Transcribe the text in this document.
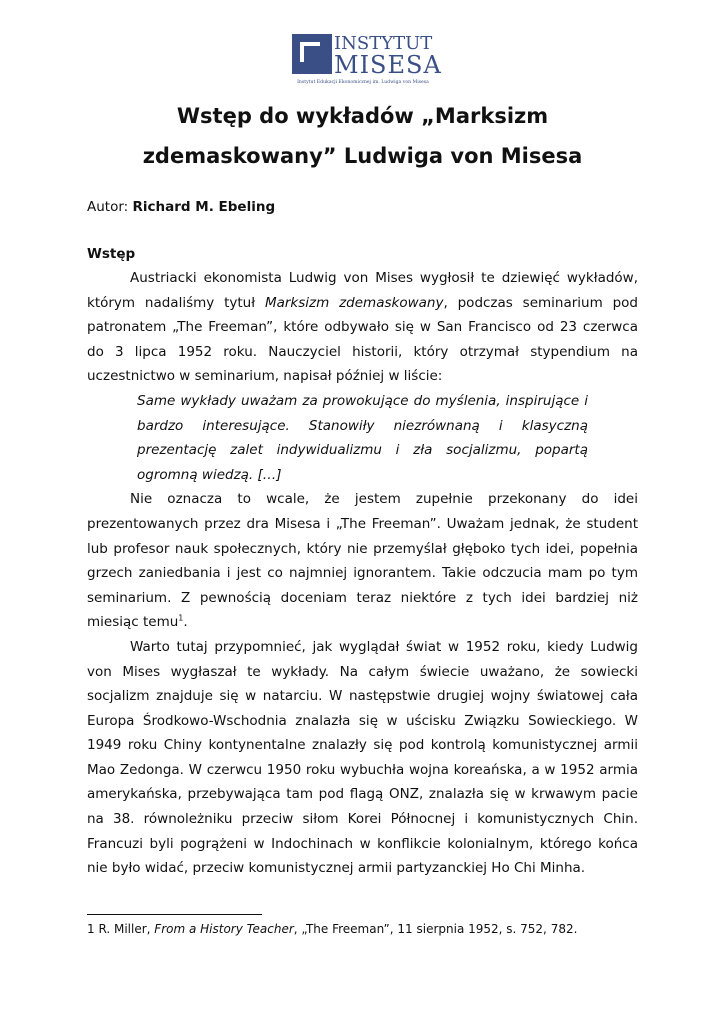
INSTYTUT
MISESA
Instytut Edukacji Ekonomicznej im. Ludwiga von Misesa
Wstęp do wykładów „Marksizm
zdemaskowany” Ludwiga von Misesa
Autor: Richard M. Ebeling
Wstęp

Austriacki ekonomista Ludwig von Mises wygłosił te dziewięć wykładów, którym nadaliśmy tytuł Marksizm zdemaskowany, podczas seminarium pod patronatem „The Freeman”, które odbywało się w San Francisco od 23 czerwca do 3 lipca 1952 roku. Nauczyciel historii, który otrzymał stypendium na uczestnictwo w seminarium, napisał później w liście:

Same wykłady uważam za prowokujące do myślenia, inspirujące i bardzo interesujące. Stanowiły niezrównaną i klasyczną prezentację zalet indywidualizmu i zła socjalizmu, popartą ogromną wiedzą. […]

Nie oznacza to wcale, że jestem zupełnie przekonany do idei prezentowanych przez dra Misesa i „The Freeman”. Uważam jednak, że student lub profesor nauk społecznych, który nie przemyślał głęboko tych idei, popełnia grzech zaniedbania i jest co najmniej ignorantem. Takie odczucia mam po tym seminarium. Z pewnością doceniam teraz niektóre z tych idei bardziej niż miesiąc temu$^1$.

Warto tutaj przypomnieć, jak wyglądał świat w 1952 roku, kiedy Ludwig von Mises wygłaszał te wykłady. Na całym świecie uważano, że sowiecki socjalizm znajduje się w natarciu. W następstwie drugiej wojny światowej cała Europa Środkowo-Wschodnia znalazła się w uścisku Związku Sowieckiego. W 1949 roku Chiny kontynentalne znalazły się pod kontrolą komunistycznej armii Mao Zedonga. W czerwcu 1950 roku wybuchła wojna koreańska, a w 1952 armia amerykańska, przebywająca tam pod flagą ONZ, znalazła się w krwawym pacie na 38. równoleżniku przeciw siłom Korei Północnej i komunistycznych Chin. Francuzi byli pogrążeni w Indochinach w konflikcie kolonialnym, którego końca nie było widać, przeciw komunistycznej armii partyzanckiej Ho Chi Minha.

1 R. Miller, From a History Teacher, „The Freeman”, 11 sierpnia 1952, s. 752, 782.
